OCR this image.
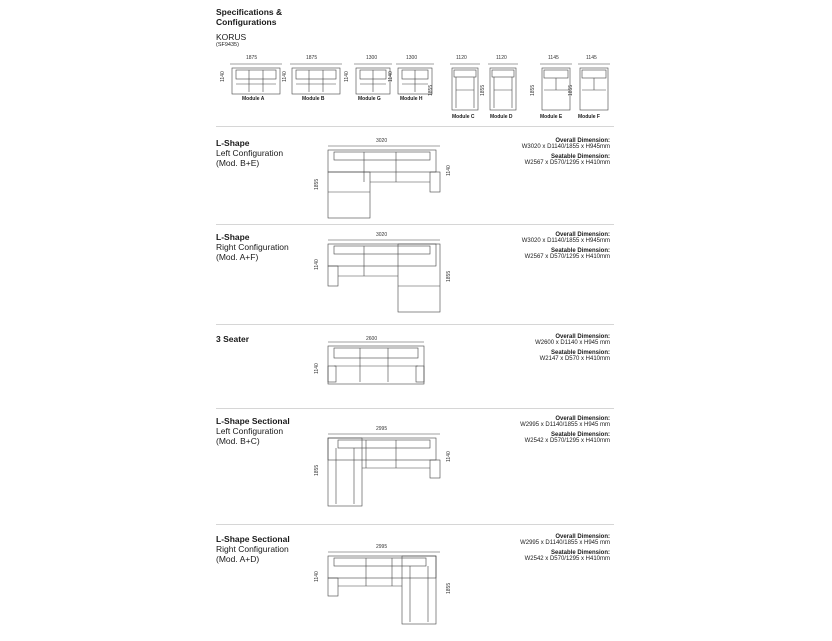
Specifications &
Configurations
KORUS
(SF9435)
1875
1140
Module A
1875
1140
Module B
1300
1140
Module G
1300
1140
Module H
1120
1855
Module C
1120
1855
Module D
1145
1855
Module E
1145
1855
Module F
L-Shape
Left Configuration
(Mod. B+E)
3020
1855
1140
Overall Dimension:
W3020 x D1140/1855 x H945mm
Seatable Dimension:
W2567 x D570/1295 x H410mm
L-Shape
Right Configuration
(Mod. A+F)
3020
1140
1855
Overall Dimension:
W3020 x D1140/1855 x H945mm
Seatable Dimension:
W2567 x D570/1295 x H410mm
3 Seater	2600
1140
Overall Dimension:
W2600 x D1140 x H945 mm
Seatable Dimension:
W2147 x D570 x H410mm
L-Shape Sectional
Left Configuration
(Mod. B+C)
2995
1855
1140
Overall Dimension:
W2995 x D1140/1855 x H945 mm
Seatable Dimension:
W2542 x D570/1295 x H410mm
L-Shape Sectional
Right Configuration
(Mod. A+D)
2995
1140
1855
Overall Dimension:
W2995 x D1140/1855 x H945 mm
Seatable Dimension:
W2542 x D570/1295 x H410mm
